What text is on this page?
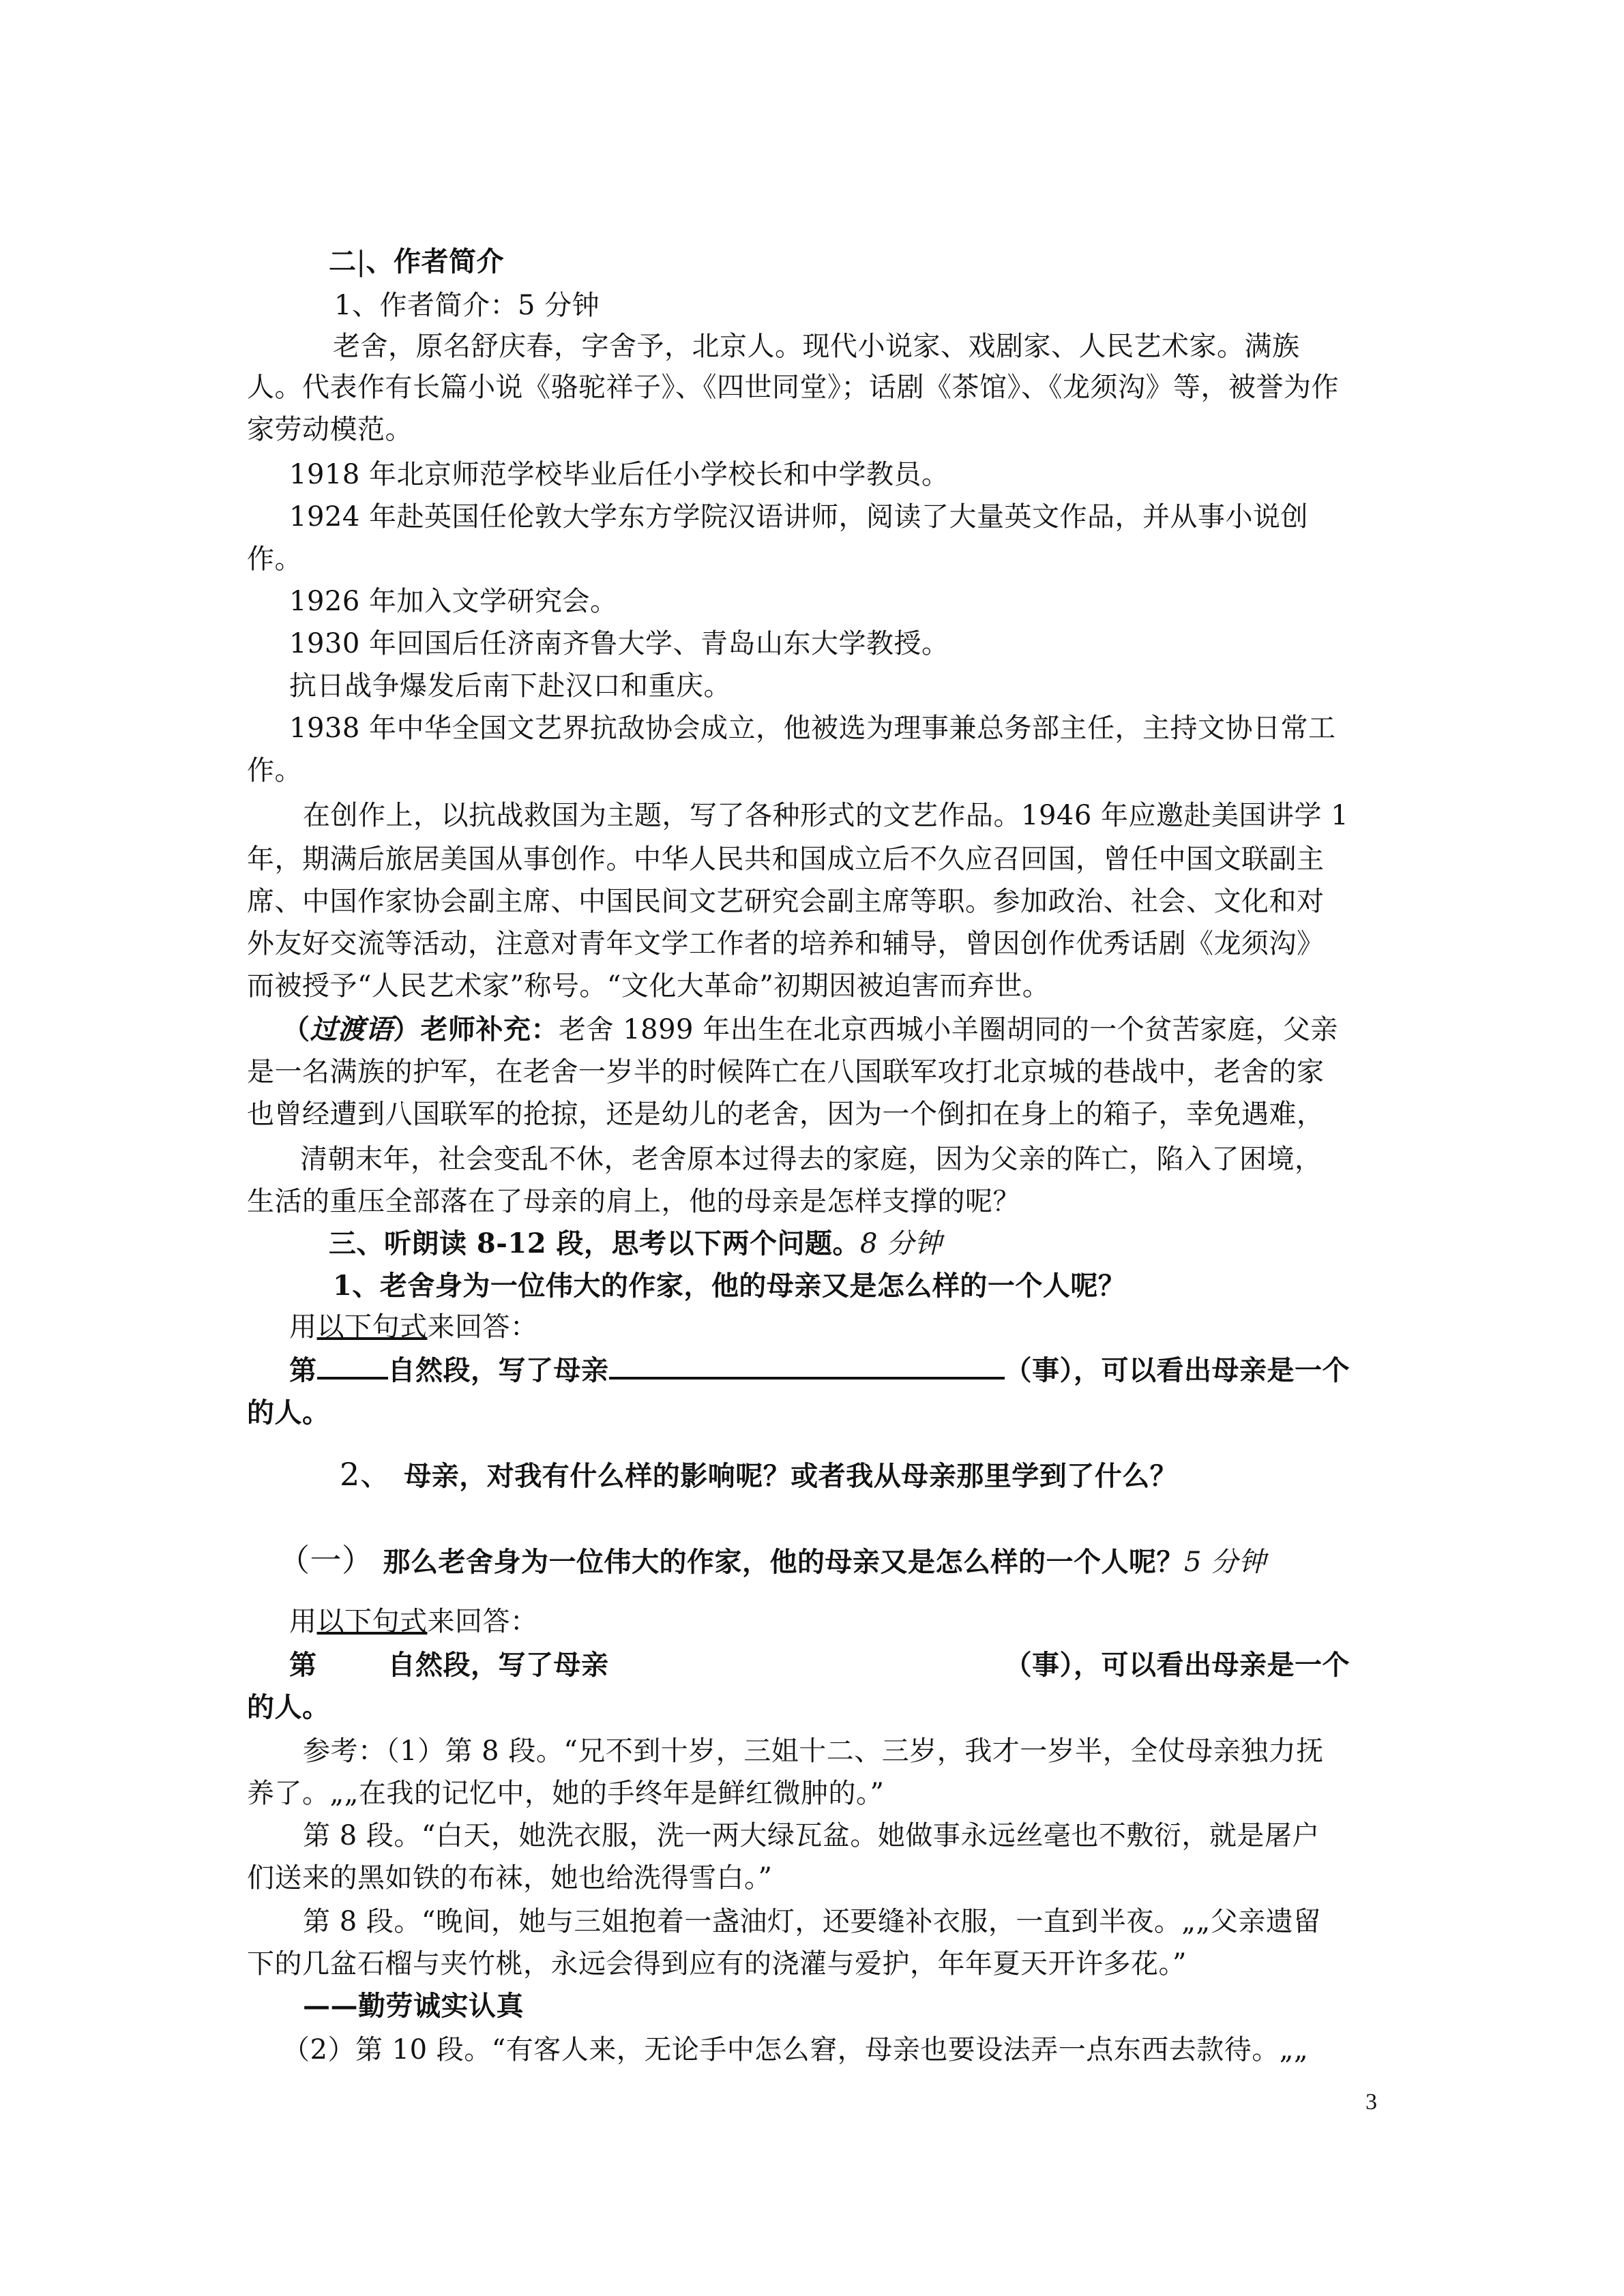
二|、作者简介
1、作者简介：5 分钟
老舍，原名舒庆春，字舍予，北京人。现代小说家、戏剧家、人民艺术家。满族
人。代表作有长篇小说《骆驼祥子》、《四世同堂》；话剧《茶馆》、《龙须沟》等，被誉为作
家劳动模范。
1918 年北京师范学校毕业后任小学校长和中学教员。
1924 年赴英国任伦敦大学东方学院汉语讲师，阅读了大量英文作品，并从事小说创
作。
1926 年加入文学研究会。
1930 年回国后任济南齐鲁大学、青岛山东大学教授。
抗日战争爆发后南下赴汉口和重庆。
1938 年中华全国文艺界抗敌协会成立，他被选为理事兼总务部主任，主持文协日常工
作。
在创作上，以抗战救国为主题，写了各种形式的文艺作品。1946 年应邀赴美国讲学 1
年，期满后旅居美国从事创作。中华人民共和国成立后不久应召回国，曾任中国文联副主
席、中国作家协会副主席、中国民间文艺研究会副主席等职。参加政治、社会、文化和对
外友好交流等活动，注意对青年文学工作者的培养和辅导，曾因创作优秀话剧《龙须沟》
而被授予“人民艺术家”称号。“文化大革命”初期因被迫害而弃世。
（过渡语）老师补充：老舍 1899 年出生在北京西城小羊圈胡同的一个贫苦家庭，父亲
是一名满族的护军，在老舍一岁半的时候阵亡在八国联军攻打北京城的巷战中，老舍的家
也曾经遭到八国联军的抢掠，还是幼儿的老舍，因为一个倒扣在身上的箱子，幸免遇难，
清朝末年，社会变乱不休，老舍原本过得去的家庭，因为父亲的阵亡，陷入了困境，
生活的重压全部落在了母亲的肩上，他的母亲是怎样支撑的呢？
三、听朗读 8-12 段，思考以下两个问题。8 分钟
1、老舍身为一位伟大的作家，他的母亲又是怎么样的一个人呢？
用以下句式来回答：
第	自然段，写了母亲	（事），可以看出母亲是一个
的人。
2、 母亲，对我有什么样的影响呢？或者我从母亲那里学到了什么？
（一） 那么老舍身为一位伟大的作家，他的母亲又是怎么样的一个人呢？5 分钟
用以下句式来回答：
第	自然段，写了母亲	（事），可以看出母亲是一个
的人。
参考：（1）第 8 段。“兄不到十岁，三姐十二、三岁，我才一岁半，全仗母亲独力抚
养了。„„在我的记忆中，她的手终年是鲜红微肿的。”
第 8 段。“白天，她洗衣服，洗一两大绿瓦盆。她做事永远丝毫也不敷衍，就是屠户
们送来的黑如铁的布袜，她也给洗得雪白。”
第 8 段。“晚间，她与三姐抱着一盏油灯，还要缝补衣服，一直到半夜。„„父亲遗留
下的几盆石榴与夹竹桃，永远会得到应有的浇灌与爱护，年年夏天开许多花。”
——勤劳诚实认真
（2）第 10 段。“有客人来，无论手中怎么窘，母亲也要设法弄一点东西去款待。„„
3
